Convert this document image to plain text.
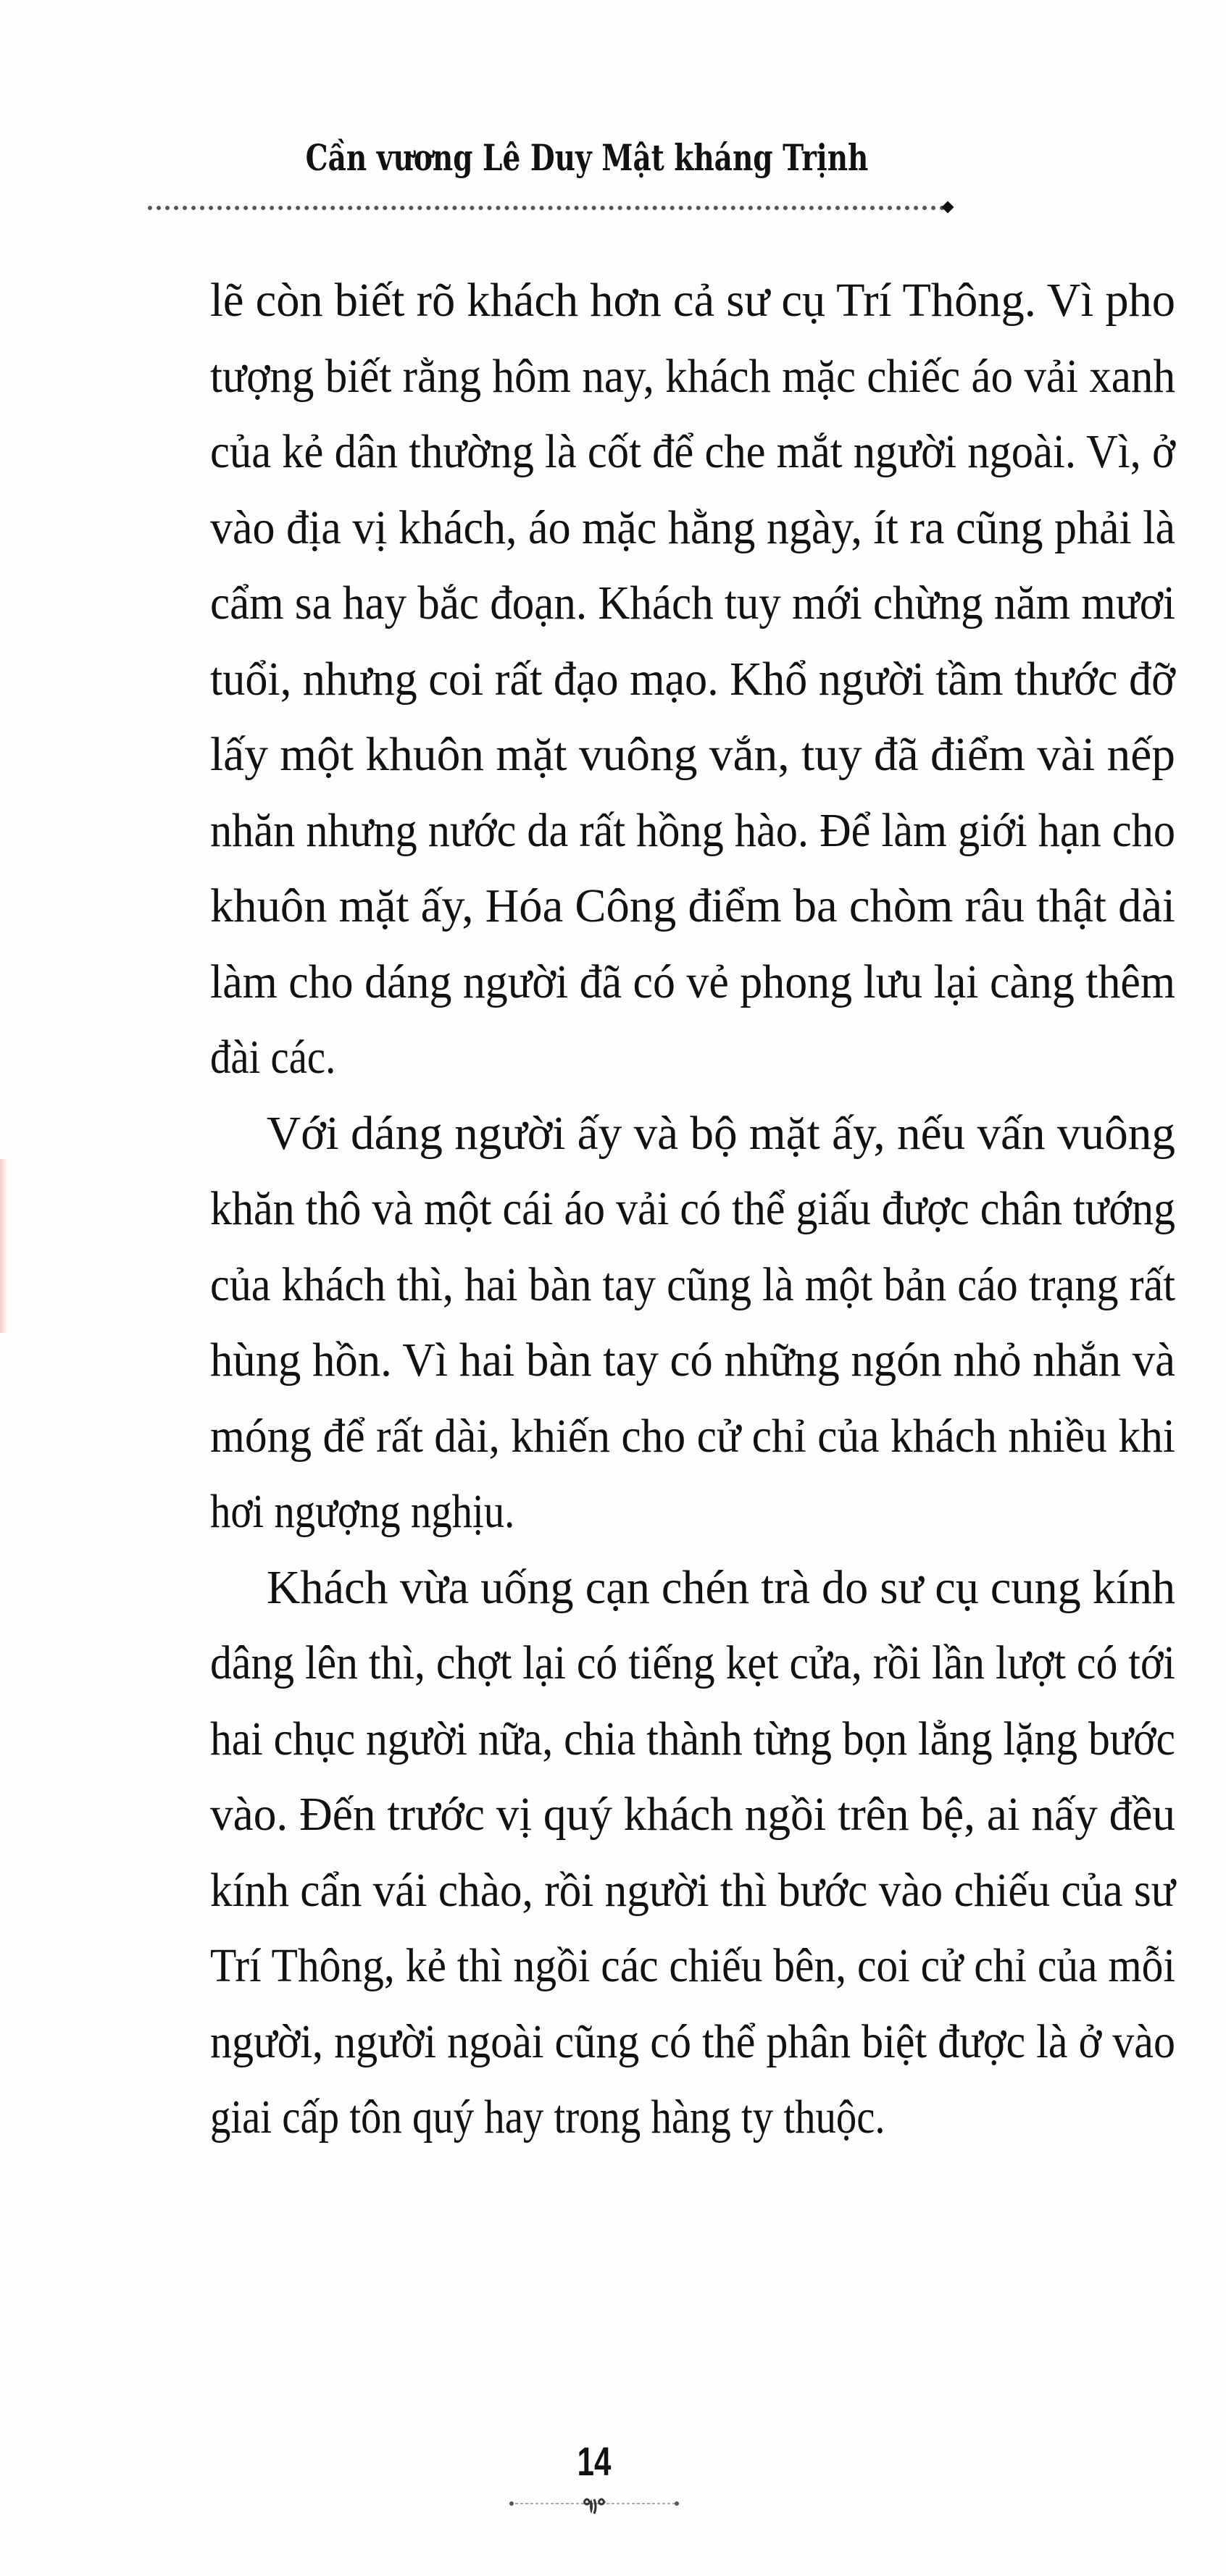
Cần vương Lê Duy Mật kháng Trịnh
lẽ còn biết rõ khách hơn cả sư cụ Trí Thông. Vì pho
tượng biết rằng hôm nay, khách mặc chiếc áo vải xanh
của kẻ dân thường là cốt để che mắt người ngoài. Vì, ở
vào địa vị khách, áo mặc hằng ngày, ít ra cũng phải là
cẩm sa hay bắc đoạn. Khách tuy mới chừng năm mươi
tuổi, nhưng coi rất đạo mạo. Khổ người tầm thước đỡ
lấy một khuôn mặt vuông vắn, tuy đã điểm vài nếp
nhăn nhưng nước da rất hồng hào. Để làm giới hạn cho
khuôn mặt ấy, Hóa Công điểm ba chòm râu thật dài
làm cho dáng người đã có vẻ phong lưu lại càng thêm
đài các.
Với dáng người ấy và bộ mặt ấy, nếu vấn vuông
khăn thô và một cái áo vải có thể giấu được chân tướng
của khách thì, hai bàn tay cũng là một bản cáo trạng rất
hùng hồn. Vì hai bàn tay có những ngón nhỏ nhắn và
móng để rất dài, khiến cho cử chỉ của khách nhiều khi
hơi ngượng nghịu.
Khách vừa uống cạn chén trà do sư cụ cung kính
dâng lên thì, chợt lại có tiếng kẹt cửa, rồi lần lượt có tới
hai chục người nữa, chia thành từng bọn lẳng lặng bước
vào. Đến trước vị quý khách ngồi trên bệ, ai nấy đều
kính cẩn vái chào, rồi người thì bước vào chiếu của sư
Trí Thông, kẻ thì ngồi các chiếu bên, coi cử chỉ của mỗi
người, người ngoài cũng có thể phân biệt được là ở vào
giai cấp tôn quý hay trong hàng ty thuộc.
14
